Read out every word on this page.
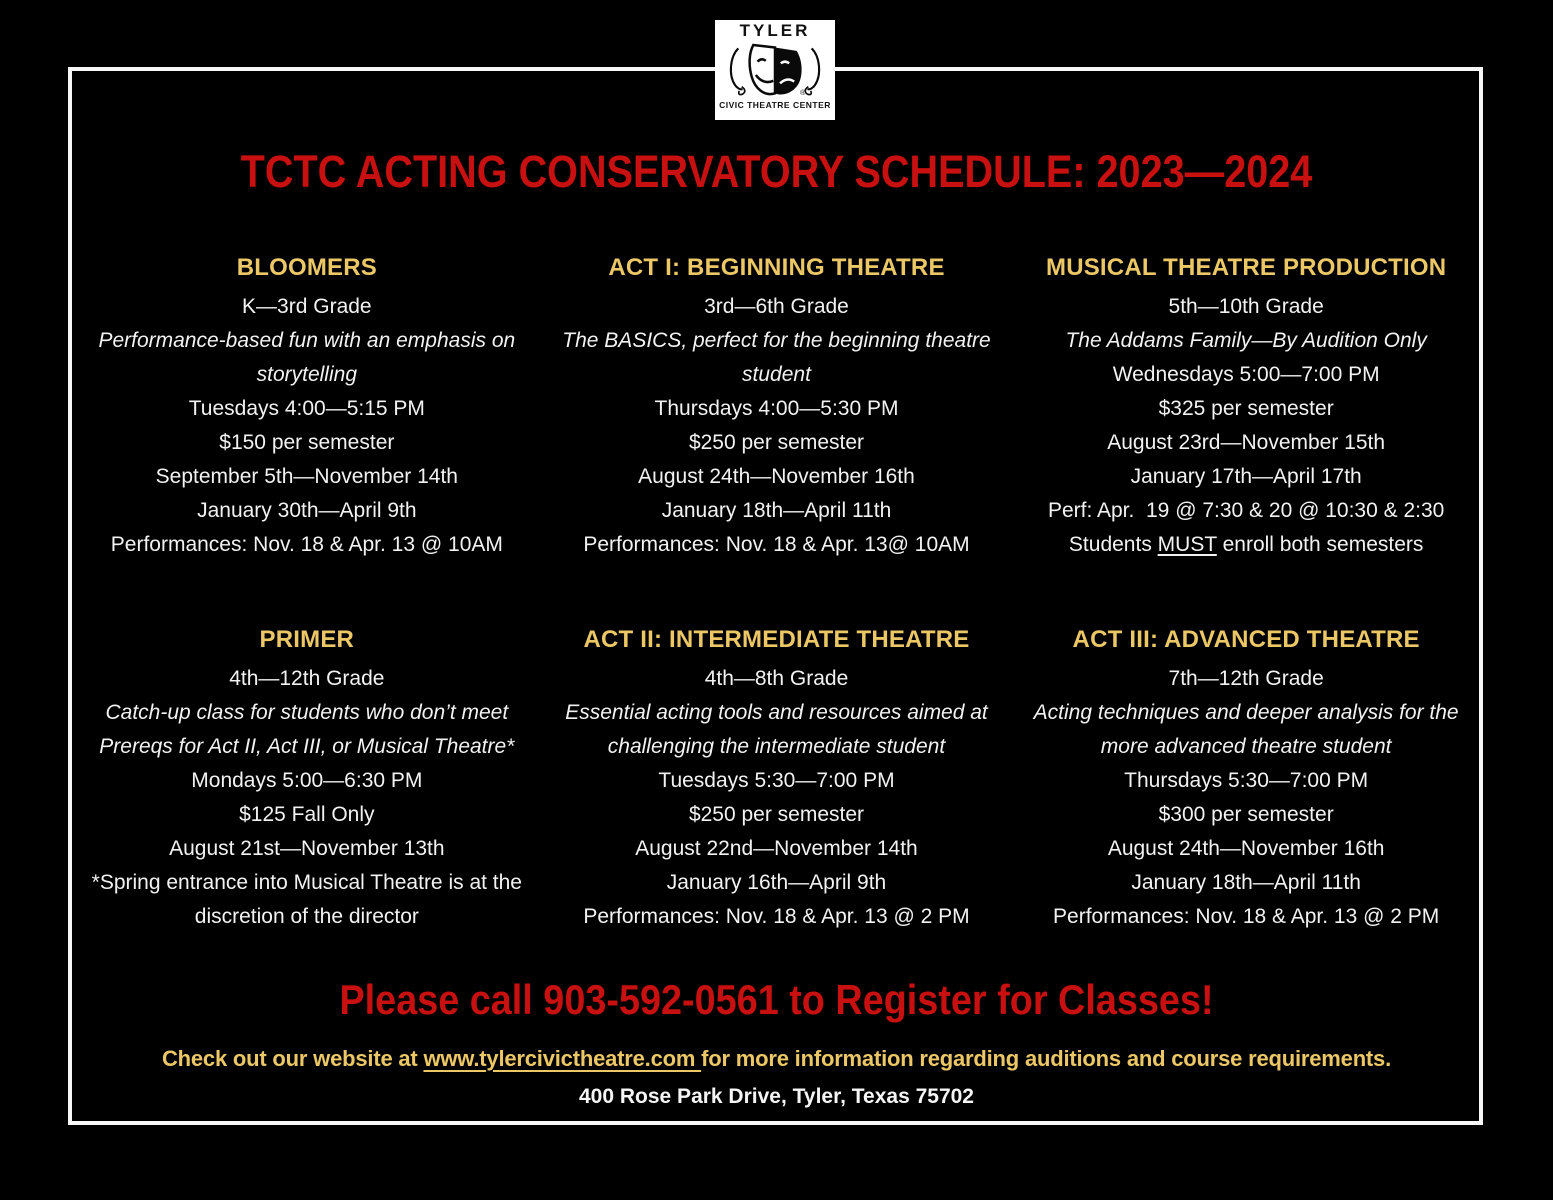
TYLER
®
CIVIC THEATRE CENTER
TCTC ACTING CONSERVATORY SCHEDULE: 2023—2024
BLOOMERS
K—3rd Grade
Performance-based fun with an emphasis on storytelling
Tuesdays 4:00—5:15 PM
$150 per semester
September 5th—November 14th
January 30th—April 9th
Performances: Nov. 18 & Apr. 13 @ 10AM
ACT I: BEGINNING THEATRE
3rd—6th Grade
The BASICS, perfect for the beginning theatre student
Thursdays 4:00—5:30 PM
$250 per semester
August 24th—November 16th
January 18th—April 11th
Performances: Nov. 18 & Apr. 13@ 10AM
MUSICAL THEATRE PRODUCTION
5th—10th Grade
The Addams Family—By Audition Only
Wednesdays 5:00—7:00 PM
$325 per semester
August 23rd—November 15th
January 17th—April 17th
Perf: Apr.  19 @ 7:30 & 20 @ 10:30 & 2:30
Students MUST enroll both semesters
PRIMER
4th—12th Grade
Catch-up class for students who don’t meet Prereqs for Act II, Act III, or Musical Theatre*
Mondays 5:00—6:30 PM
$125 Fall Only
August 21st—November 13th
*Spring entrance into Musical Theatre is at the discretion of the director
ACT II: INTERMEDIATE THEATRE
4th—8th Grade
Essential acting tools and resources aimed at challenging the intermediate student
Tuesdays 5:30—7:00 PM
$250 per semester
August 22nd—November 14th
January 16th—April 9th
Performances: Nov. 18 & Apr. 13 @ 2 PM
ACT III: ADVANCED THEATRE
7th—12th Grade
Acting techniques and deeper analysis for the more advanced theatre student
Thursdays 5:30—7:00 PM
$300 per semester
August 24th—November 16th
January 18th—April 11th
Performances: Nov. 18 & Apr. 13 @ 2 PM
Please call 903-592-0561 to Register for Classes!
Check out our website at www.tylercivictheatre.com for more information regarding auditions and course requirements.
400 Rose Park Drive, Tyler, Texas 75702
